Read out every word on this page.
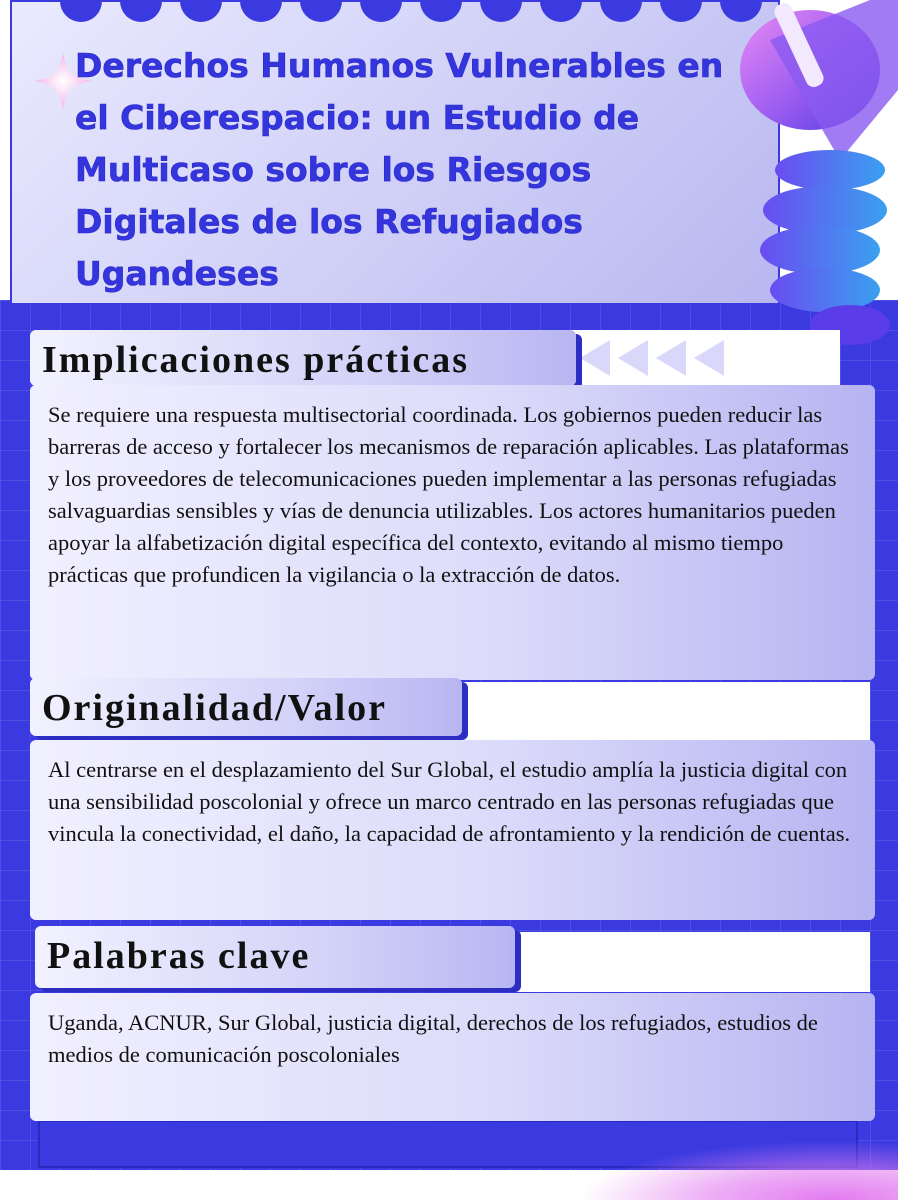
Derechos Humanos Vulnerables en el Ciberespacio: un Estudio de Multicaso sobre los Riesgos Digitales de los Refugiados Ugandeses
Implicaciones prácticas
Se requiere una respuesta multisectorial coordinada. Los gobiernos pueden reducir las barreras de acceso y fortalecer los mecanismos de reparación aplicables. Las plataformas y los proveedores de telecomunicaciones pueden implementar a las personas refugiadas salvaguardias sensibles y vías de denuncia utilizables. Los actores humanitarios pueden apoyar la alfabetización digital específica del contexto, evitando al mismo tiempo prácticas que profundicen la vigilancia o la extracción de datos.
Originalidad/Valor
Al centrarse en el desplazamiento del Sur Global, el estudio amplía la justicia digital con una sensibilidad poscolonial y ofrece un marco centrado en las personas refugiadas que vincula la conectividad, el daño, la capacidad de afrontamiento y la rendición de cuentas.
Palabras clave
Uganda, ACNUR, Sur Global, justicia digital, derechos de los refugiados, estudios de medios de comunicación poscoloniales
